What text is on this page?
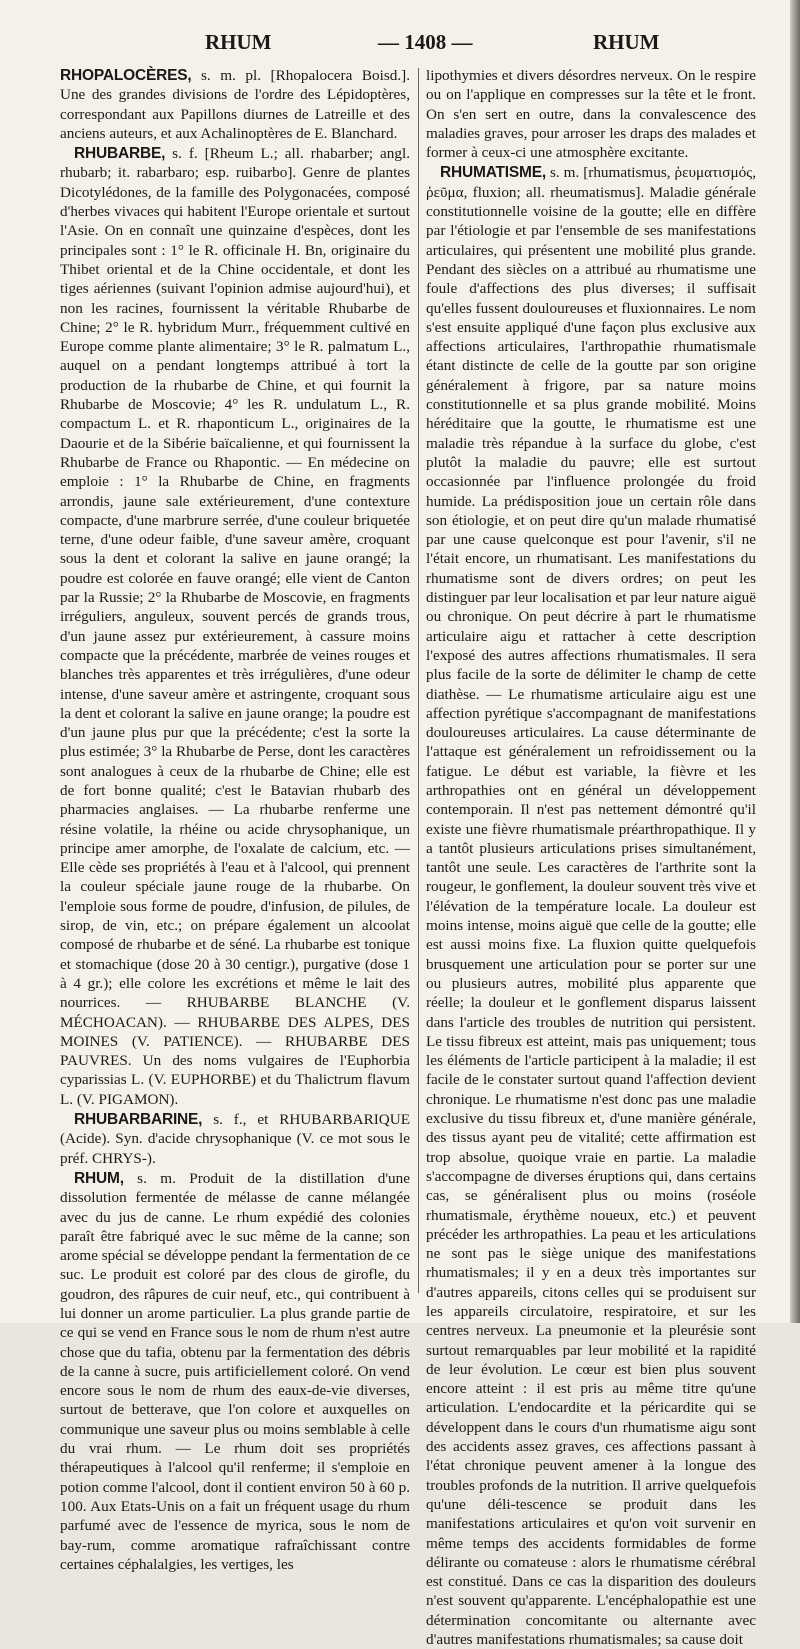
RHUM	— 1408 —	RHUM

RHOPALOCÈRES, s. m. pl. [Rhopalocera Boisd.]. Une des grandes divisions de l'ordre des Lépidoptères, correspondant aux Papillons diurnes de Latreille et des anciens auteurs, et aux Achalinoptères de E. Blanchard.

RHUBARBE, s. f. [Rheum L.; all. rhabarber; angl. rhubarb; it. rabarbaro; esp. ruibarbo]. Genre de plantes Dicotylédones, de la famille des Polygonacées, composé d'herbes vivaces qui habitent l'Europe orientale et surtout l'Asie. On en connaît une quinzaine d'espèces, dont les principales sont : 1° le R. officinale H. Bn, originaire du Thibet oriental et de la Chine occidentale, et dont les tiges aériennes (suivant l'opinion admise aujourd'hui), et non les racines, fournissent la véritable Rhubarbe de Chine; 2° le R. hybridum Murr., fréquemment cultivé en Europe comme plante alimentaire; 3° le R. palmatum L., auquel on a pendant longtemps attribué à tort la production de la rhubarbe de Chine, et qui fournit la Rhubarbe de Moscovie; 4° les R. undulatum L., R. compactum L. et R. rhaponticum L., originaires de la Daourie et de la Sibérie baïcalienne, et qui fournissent la Rhubarbe de France ou Rhapontic. — En médecine on emploie : 1° la Rhubarbe de Chine, en fragments arrondis, jaune sale extérieurement, d'une contexture compacte, d'une marbrure serrée, d'une couleur briquetée terne, d'une odeur faible, d'une saveur amère, croquant sous la dent et colorant la salive en jaune orangé; la poudre est colorée en fauve orangé; elle vient de Canton par la Russie; 2° la Rhubarbe de Moscovie, en fragments irréguliers, anguleux, souvent percés de grands trous, d'un jaune assez pur extérieurement, à cassure moins compacte que la précédente, marbrée de veines rouges et blanches très apparentes et très irrégulières, d'une odeur intense, d'une saveur amère et astringente, croquant sous la dent et colorant la salive en jaune orange; la poudre est d'un jaune plus pur que la précédente; c'est la sorte la plus estimée; 3° la Rhubarbe de Perse, dont les caractères sont analogues à ceux de la rhubarbe de Chine; elle est de fort bonne qualité; c'est le Batavian rhubarb des pharmacies anglaises. — La rhubarbe renferme une résine volatile, la rhéine ou acide chrysophanique, un principe amer amorphe, de l'oxalate de calcium, etc. — Elle cède ses propriétés à l'eau et à l'alcool, qui prennent la couleur spéciale jaune rouge de la rhubarbe. On l'emploie sous forme de poudre, d'infusion, de pilules, de sirop, de vin, etc.; on prépare également un alcoolat composé de rhubarbe et de séné. La rhubarbe est tonique et stomachique (dose 20 à 30 centigr.), purgative (dose 1 à 4 gr.); elle colore les excrétions et même le lait des nourrices. — RHUBARBE BLANCHE (V. MÉCHOACAN). — RHUBARBE DES ALPES, DES MOINES (V. PATIENCE). — RHUBARBE DES PAUVRES. Un des noms vulgaires de l'Euphorbia cyparissias L. (V. EUPHORBE) et du Thalictrum flavum L. (V. PIGAMON).

RHUBARBARINE, s. f., et RHUBARBARIQUE (Acide). Syn. d'acide chrysophanique (V. ce mot sous le préf. CHRYS-).

RHUM, s. m. Produit de la distillation d'une dissolution fermentée de mélasse de canne mélangée avec du jus de canne. Le rhum expédié des colonies paraît être fabriqué avec le suc même de la canne; son arome spécial se développe pendant la fermentation de ce suc. Le produit est coloré par des clous de girofle, du goudron, des râpures de cuir neuf, etc., qui contribuent à lui donner un arome particulier. La plus grande partie de ce qui se vend en France sous le nom de rhum n'est autre chose que du tafia, obtenu par la fermentation des débris de la canne à sucre, puis artificiellement coloré. On vend encore sous le nom de rhum des eaux-de-vie diverses, surtout de betterave, que l'on colore et auxquelles on communique une saveur plus ou moins semblable à celle du vrai rhum. — Le rhum doit ses propriétés thérapeutiques à l'alcool qu'il renferme; il s'emploie en potion comme l'alcool, dont il contient environ 50 à 60 p. 100. Aux Etats-Unis on a fait un fréquent usage du rhum parfumé avec de l'essence de myrica, sous le nom de bay-rum, comme aromatique rafraîchissant contre certaines céphalalgies, les vertiges, les

lipothymies et divers désordres nerveux. On le respire ou on l'applique en compresses sur la tête et le front. On s'en sert en outre, dans la convalescence des maladies graves, pour arroser les draps des malades et former à ceux-ci une atmosphère excitante.

RHUMATISME, s. m. [rhumatismus, ῥευματισμός, ῥεῦμα, fluxion; all. rheumatismus]. Maladie générale constitutionnelle voisine de la goutte; elle en diffère par l'étiologie et par l'ensemble de ses manifestations articulaires, qui présentent une mobilité plus grande. Pendant des siècles on a attribué au rhumatisme une foule d'affections des plus diverses; il suffisait qu'elles fussent douloureuses et fluxionnaires. Le nom s'est ensuite appliqué d'une façon plus exclusive aux affections articulaires, l'arthropathie rhumatismale étant distincte de celle de la goutte par son origine généralement à frigore, par sa nature moins constitutionnelle et sa plus grande mobilité. Moins héréditaire que la goutte, le rhumatisme est une maladie très répandue à la surface du globe, c'est plutôt la maladie du pauvre; elle est surtout occasionnée par l'influence prolongée du froid humide. La prédisposition joue un certain rôle dans son étiologie, et on peut dire qu'un malade rhumatisé par une cause quelconque est pour l'avenir, s'il ne l'était encore, un rhumatisant. Les manifestations du rhumatisme sont de divers ordres; on peut les distinguer par leur localisation et par leur nature aiguë ou chronique. On peut décrire à part le rhumatisme articulaire aigu et rattacher à cette description l'exposé des autres affections rhumatismales. Il sera plus facile de la sorte de délimiter le champ de cette diathèse. — Le rhumatisme articulaire aigu est une affection pyrétique s'accompagnant de manifestations douloureuses articulaires. La cause déterminante de l'attaque est généralement un refroidissement ou la fatigue. Le début est variable, la fièvre et les arthropathies ont en général un développement contemporain. Il n'est pas nettement démontré qu'il existe une fièvre rhumatismale préarthropathique. Il y a tantôt plusieurs articulations prises simultanément, tantôt une seule. Les caractères de l'arthrite sont la rougeur, le gonflement, la douleur souvent très vive et l'élévation de la température locale. La douleur est moins intense, moins aiguë que celle de la goutte; elle est aussi moins fixe. La fluxion quitte quelquefois brusquement une articulation pour se porter sur une ou plusieurs autres, mobilité plus apparente que réelle; la douleur et le gonflement disparus laissent dans l'article des troubles de nutrition qui persistent. Le tissu fibreux est atteint, mais pas uniquement; tous les éléments de l'article participent à la maladie; il est facile de le constater surtout quand l'affection devient chronique. Le rhumatisme n'est donc pas une maladie exclusive du tissu fibreux et, d'une manière générale, des tissus ayant peu de vitalité; cette affirmation est trop absolue, quoique vraie en partie. La maladie s'accompagne de diverses éruptions qui, dans certains cas, se généralisent plus ou moins (roséole rhumatismale, érythème noueux, etc.) et peuvent précéder les arthropathies. La peau et les articulations ne sont pas le siège unique des manifestations rhumatismales; il y en a deux très importantes sur d'autres appareils, citons celles qui se produisent sur les appareils circulatoire, respiratoire, et sur les centres nerveux. La pneumonie et la pleurésie sont surtout remarquables par leur mobilité et la rapidité de leur évolution. Le cœur est bien plus souvent encore atteint : il est pris au même titre qu'une articulation. L'endocardite et la péricardite qui se développent dans le cours d'un rhumatisme aigu sont des accidents assez graves, ces affections passant à l'état chronique peuvent amener à la longue des troubles profonds de la nutrition. Il arrive quelquefois qu'une déli-tescence se produit dans les manifestations articulaires et qu'on voit survenir en même temps des accidents formidables de forme délirante ou comateuse : alors le rhumatisme cérébral est constitué. Dans ce cas la disparition des douleurs n'est souvent qu'apparente. L'encéphalopathie est une détermination concomitante ou alternante avec d'autres manifestations rhumatismales; sa cause doit
